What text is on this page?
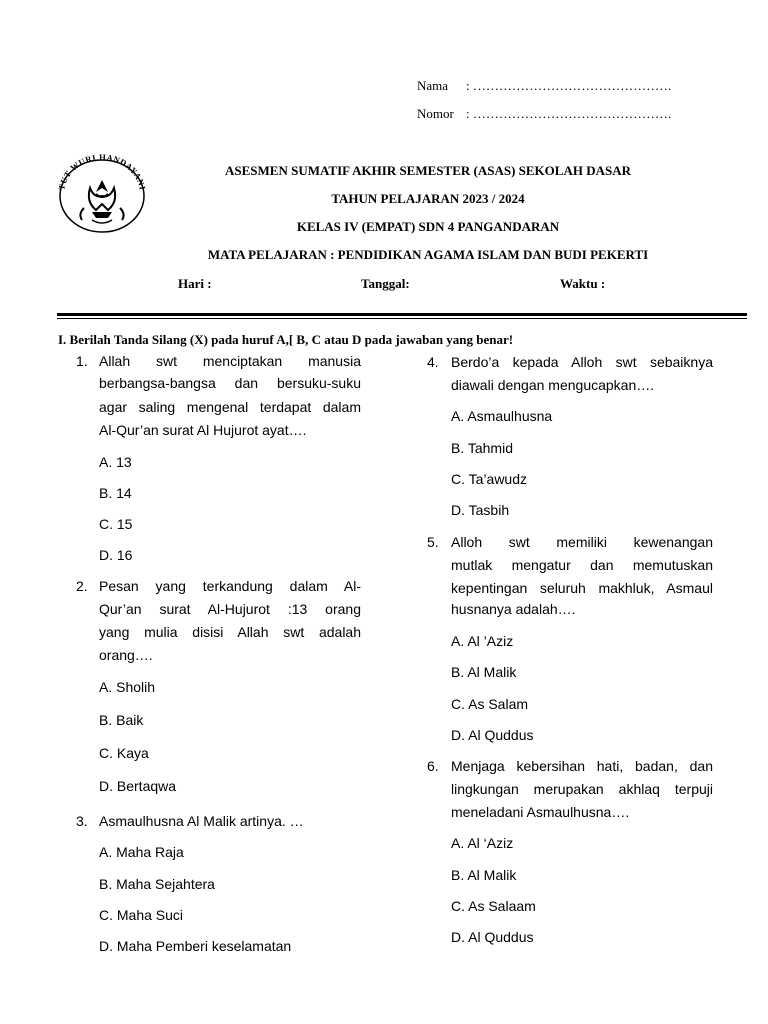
Nama : ……………………………………….
Nomor : ……………………………………….
TUT WURI HANDAYANI
ASESMEN SUMATIF AKHIR SEMESTER (ASAS) SEKOLAH DASAR
TAHUN PELAJARAN 2023 / 2024
KELAS IV (EMPAT) SDN 4 PANGANDARAN
MATA PELAJARAN : PENDIDIKAN AGAMA ISLAM DAN BUDI PEKERTI
Hari :	Tanggal:	Waktu :
I. Berilah Tanda Silang (X) pada huruf A,[ B, C atau D pada jawaban yang benar!
1. Allah swt menciptakan manusia
berbangsa-bangsa dan bersuku-suku
agar saling mengenal terdapat dalam
Al-Qur’an surat Al Hujurot ayat….
A. 13
B. 14
C. 15
D. 16
2. Pesan yang terkandung dalam Al-
Qur’an surat Al-Hujurot :13 orang
yang mulia disisi Allah swt adalah
orang….
A. Sholih
B. Baik
C. Kaya
D. Bertaqwa
3. Asmaulhusna Al Malik artinya. …
A. Maha Raja
B. Maha Sejahtera
C. Maha Suci
D. Maha Pemberi keselamatan
4. Berdo’a kepada Alloh swt sebaiknya
diawali dengan mengucapkan….
A. Asmaulhusna
B. Tahmid
C. Ta’awudz
D. Tasbih
5. Alloh swt memiliki kewenangan
mutlak mengatur dan memutuskan
kepentingan seluruh makhluk, Asmaul
husnanya adalah….
A. Al ’Aziz
B. Al Malik
C. As Salam
D. Al Quddus
6. Menjaga kebersihan hati, badan, dan
lingkungan merupakan akhlaq terpuji
meneladani Asmaulhusna….
A. Al ‘Aziz
B. Al Malik
C. As Salaam
D. Al Quddus
